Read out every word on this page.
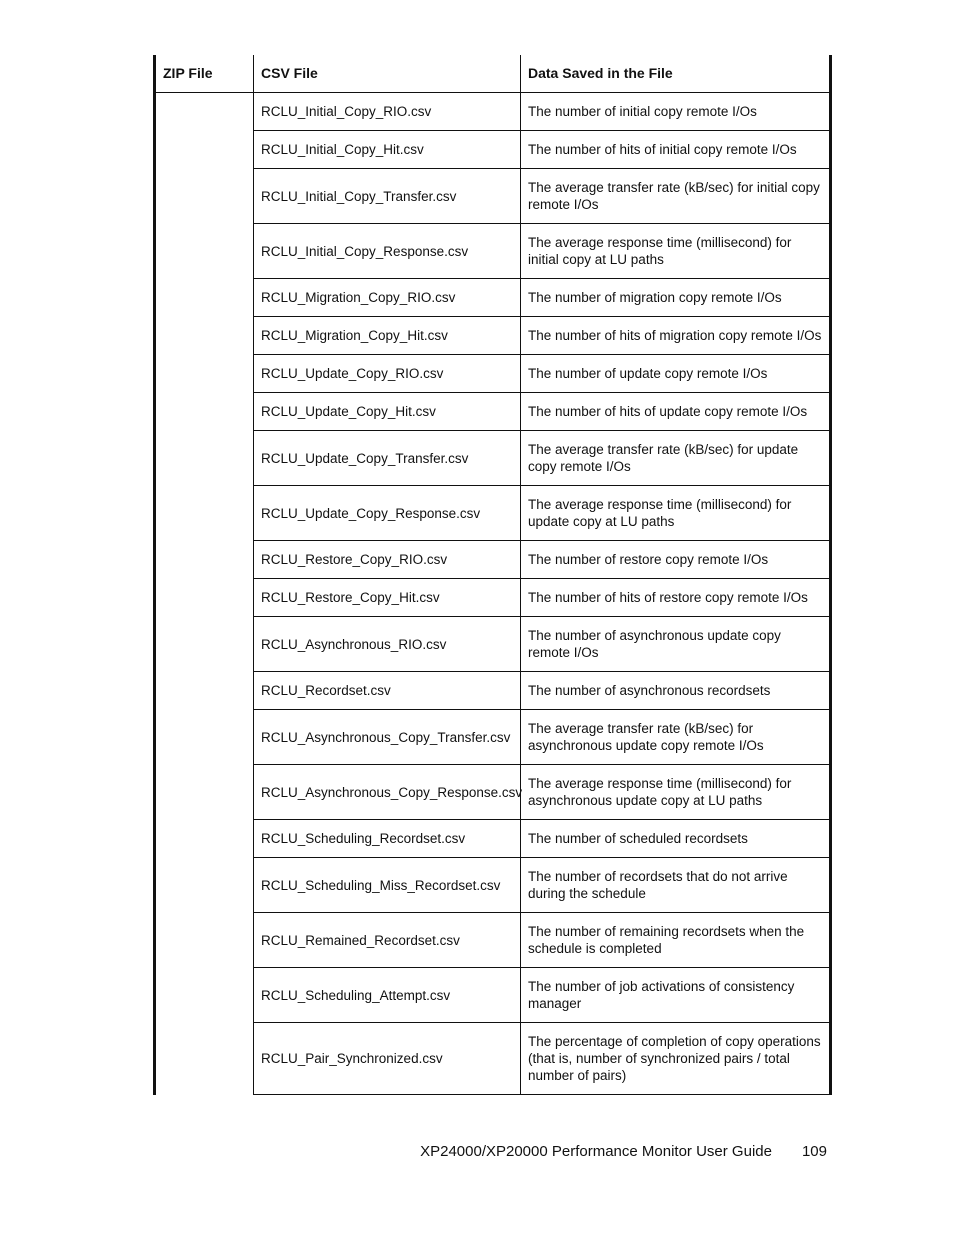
ZIP File	CSV File	Data Saved in the File
	RCLU_Initial_Copy_RIO.csv	The number of initial copy remote I/Os
	RCLU_Initial_Copy_Hit.csv	The number of hits of initial copy remote I/Os
	RCLU_Initial_Copy_Transfer.csv	The average transfer rate (kB/sec) for initial copy remote I/Os
	RCLU_Initial_Copy_Response.csv	The average response time (millisecond) for initial copy at LU paths
	RCLU_Migration_Copy_RIO.csv	The number of migration copy remote I/Os
	RCLU_Migration_Copy_Hit.csv	The number of hits of migration copy remote I/Os
	RCLU_Update_Copy_RIO.csv	The number of update copy remote I/Os
	RCLU_Update_Copy_Hit.csv	The number of hits of update copy remote I/Os
	RCLU_Update_Copy_Transfer.csv	The average transfer rate (kB/sec) for update copy remote I/Os
	RCLU_Update_Copy_Response.csv	The average response time (millisecond) for update copy at LU paths
	RCLU_Restore_Copy_RIO.csv	The number of restore copy remote I/Os
	RCLU_Restore_Copy_Hit.csv	The number of hits of restore copy remote I/Os
	RCLU_Asynchronous_RIO.csv	The number of asynchronous update copy remote I/Os
	RCLU_Recordset.csv	The number of asynchronous recordsets
	RCLU_Asynchronous_Copy_Transfer.csv	The average transfer rate (kB/sec) for asynchronous update copy remote I/Os
	RCLU_Asynchronous_Copy_Response.csv	The average response time (millisecond) for asynchronous update copy at LU paths
	RCLU_Scheduling_Recordset.csv	The number of scheduled recordsets
	RCLU_Scheduling_Miss_Recordset.csv	The number of recordsets that do not arrive during the schedule
	RCLU_Remained_Recordset.csv	The number of remaining recordsets when the schedule is completed
	RCLU_Scheduling_Attempt.csv	The number of job activations of consistency manager
	RCLU_Pair_Synchronized.csv	The percentage of completion of copy operations (that is, number of synchronized pairs / total number of pairs)
XP24000/XP20000 Performance Monitor User Guide 109
